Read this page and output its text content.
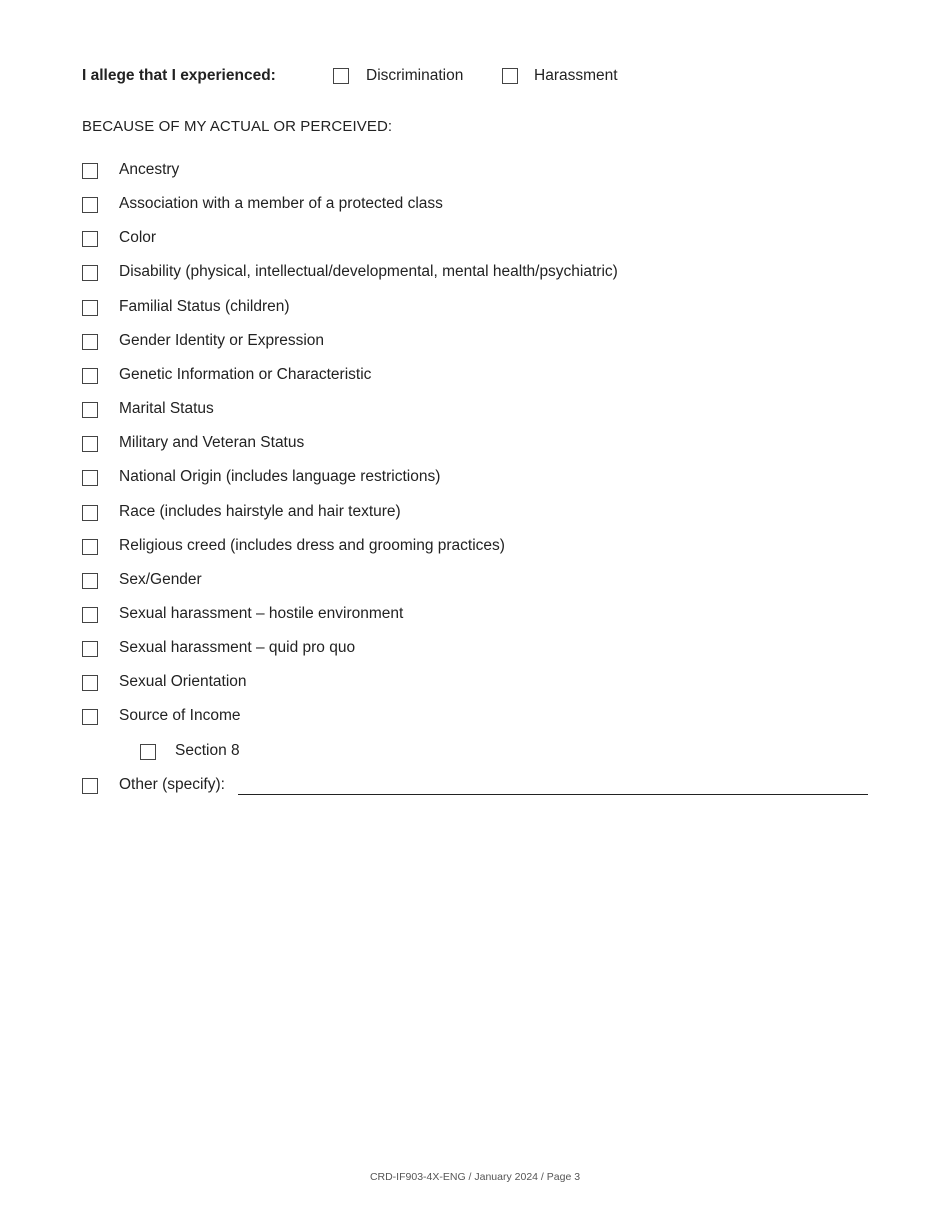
I allege that I experienced:	Discrimination	Harassment
BECAUSE OF MY ACTUAL OR PERCEIVED:
Ancestry
Association with a member of a protected class
Color
Disability (physical, intellectual/developmental, mental health/psychiatric)
Familial Status (children)
Gender Identity or Expression
Genetic Information or Characteristic
Marital Status
Military and Veteran Status
National Origin (includes language restrictions)
Race (includes hairstyle and hair texture)
Religious creed (includes dress and grooming practices)
Sex/Gender
Sexual harassment – hostile environment
Sexual harassment – quid pro quo
Sexual Orientation
Source of Income
Section 8
Other (specify):
CRD-IF903-4X-ENG / January 2024 / Page 3
